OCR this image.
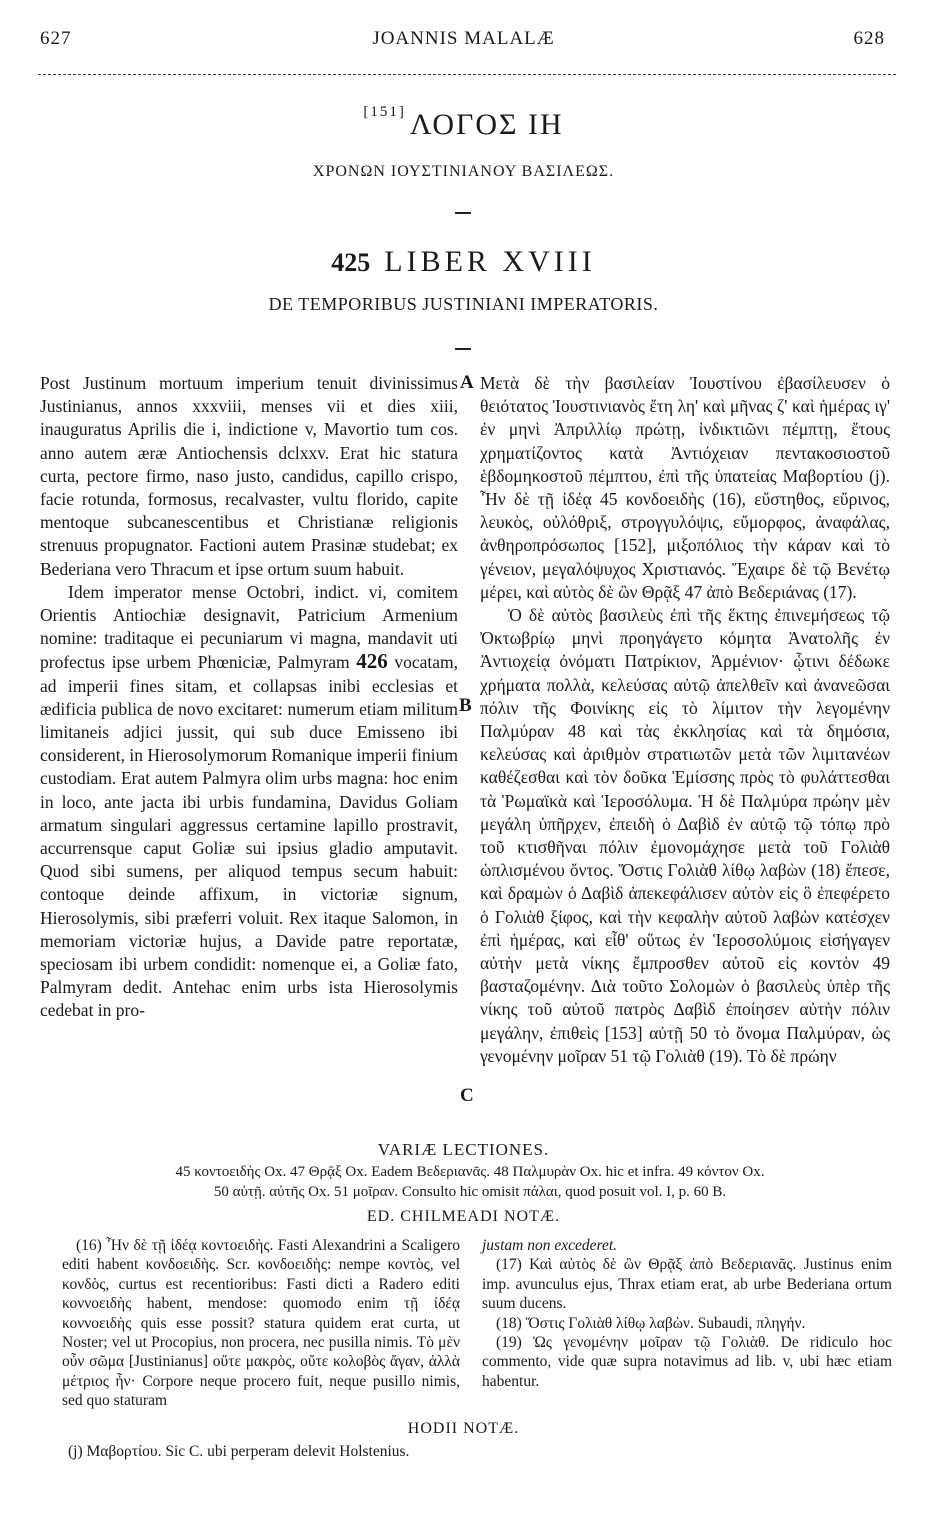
627	JOANNIS MALALÆ	628
[151] ΛΟΓΟΣ ΙΗ
ΧΡΟΝΩΝ ΙΟΥΣΤΙΝΙΑΝΟΥ ΒΑΣΙΛΕΩΣ.
425 LIBER XVIII
DE TEMPORIBUS JUSTINIANI IMPERATORIS.
A
B
C

Post Justinum mortuum imperium tenuit divinissimus Justinianus, annos xxxviii, menses vii et dies xiii, inauguratus Aprilis die i, indictione v, Mavortio tum cos. anno autem æræ Antiochensis dclxxv. Erat hic statura curta, pectore firmo, naso justo, candidus, capillo crispo, facie rotunda, formosus, recalvaster, vultu florido, capite mentoque subcanescentibus et Christianæ religionis strenuus propugnator. Factioni autem Prasinæ studebat; ex Bederiana vero Thracum et ipse ortum suum habuit.

Idem imperator mense Octobri, indict. vi, comitem Orientis Antiochiæ designavit, Patricium Armenium nomine: traditaque ei pecuniarum vi magna, mandavit uti profectus ipse urbem Phœniciæ, Palmyram 426 vocatam, ad imperii fines sitam, et collapsas inibi ecclesias et ædificia publica de novo excitaret: numerum etiam militum limitaneis adjici jussit, qui sub duce Emisseno ibi considerent, in Hierosolymorum Romanique imperii finium custodiam. Erat autem Palmyra olim urbs magna: hoc enim in loco, ante jacta ibi urbis fundamina, Davidus Goliam armatum singulari aggressus certamine lapillo prostravit, accurrensque caput Goliæ sui ipsius gladio amputavit. Quod sibi sumens, per aliquod tempus secum habuit: contoque deinde affixum, in victoriæ signum, Hierosolymis, sibi præferri voluit. Rex itaque Salomon, in memoriam victoriæ hujus, a Davide patre reportatæ, speciosam ibi urbem condidit: nomenque ei, a Goliæ fato, Palmyram dedit. Antehac enim urbs ista Hierosolymis cedebat in pro-

Μετὰ δὲ τὴν βασιλείαν Ἰουστίνου ἐβασίλευσεν ὁ θειότατος Ἰουστινιανὸς ἔτη λη' καὶ μῆνας ζ' καὶ ἡμέρας ιγ' ἐν μηνὶ Ἀπριλλίῳ πρώτῃ, ἰνδικτιῶνι πέμπτῃ, ἔτους χρηματίζοντος κατὰ Ἀντιόχειαν πεντακοσιοστοῦ ἑβδομηκοστοῦ πέμπτου, ἐπὶ τῆς ὑπατείας Μαβορτίου (j). Ἦν δὲ τῇ ἰδέᾳ 45 κονδοειδὴς (16), εὔστηθος, εὔρινος, λευκὸς, οὐλόθριξ, στρογγυλόψις, εὔμορφος, ἀναφάλας, ἀνθηροπρόσωπος [152], μιξοπόλιος τὴν κάραν καὶ τὸ γένειον, μεγαλόψυχος Χριστιανός. Ἔχαιρε δὲ τῷ Βενέτῳ μέρει, καὶ αὐτὸς δὲ ὢν Θρᾷξ 47 ἀπὸ Βεδεριάνας (17).

Ὁ δὲ αὐτὸς βασιλεὺς ἐπὶ τῆς ἕκτης ἐπινεμήσεως τῷ Ὀκτωβρίῳ μηνὶ προηγάγετο κόμητα Ἀνατολῆς ἐν Ἀντιοχείᾳ ὀνόματι Πατρίκιον, Ἀρμένιον· ᾧτινι δέδωκε χρήματα πολλὰ, κελεύσας αὐτῷ ἀπελθεῖν καὶ ἀνανεῶσαι πόλιν τῆς Φοινίκης εἰς τὸ λίμιτον τὴν λεγομένην Παλμύραν 48 καὶ τὰς ἐκκλησίας καὶ τὰ δημόσια, κελεύσας καὶ ἀριθμὸν στρατιωτῶν μετὰ τῶν λιμιτανέων καθέζεσθαι καὶ τὸν δοῦκα Ἐμίσσης πρὸς τὸ φυλάττεσθαι τὰ Ῥωμαϊκὰ καὶ Ἱεροσόλυμα. Ἡ δὲ Παλμύρα πρώην μὲν μεγάλη ὑπῆρχεν, ἐπειδὴ ὁ Δαβὶδ ἐν αὐτῷ τῷ τόπῳ πρὸ τοῦ κτισθῆναι πόλιν ἐμονομάχησε μετὰ τοῦ Γολιὰθ ὡπλισμένου ὄντος. Ὅστις Γολιὰθ λίθῳ λαβὼν (18) ἔπεσε, καὶ δραμὼν ὁ Δαβὶδ ἀπεκεφάλισεν αὐτὸν εἰς ὃ ἐπεφέρετο ὁ Γολιὰθ ξίφος, καὶ τὴν κεφαλὴν αὐτοῦ λαβὼν κατέσχεν ἐπὶ ἡμέρας, καὶ εἶθ' οὕτως ἐν Ἱεροσολύμοις εἰσήγαγεν αὐτὴν μετὰ νίκης ἔμπροσθεν αὐτοῦ εἰς κοντὸν 49 βασταζομένην. Διὰ τοῦτο Σολομὼν ὁ βασιλεὺς ὑπὲρ τῆς νίκης τοῦ αὐτοῦ πατρὸς Δαβὶδ ἐποίησεν αὐτὴν πόλιν μεγάλην, ἐπιθεὶς [153] αὐτῇ 50 τὸ ὄνομα Παλμύραν, ὡς γενομένην μοῖραν 51 τῷ Γολιὰθ (19). Τὸ δὲ πρώην

VARIÆ LECTIONES.
45 κοντοειδὴς Ox. 47 Θρᾷξ Ox. Eadem Βεδεριανᾶς. 48 Παλμυρὰν Ox. hic et infra. 49 κόντον Ox.
50 αὐτῇ. αὐτῆς Ox. 51 μοῖραν. Consulto hic omisit πάλαι, quod posuit vol. I, p. 60 B.
ED. CHILMEADI NOTÆ.

(16) Ἦν δὲ τῇ ἰδέᾳ κοντοειδὴς. Fasti Alexandrini a Scaligero editi habent κονδοειδὴς. Scr. κονδοειδὴς: nempe κοντὸς, vel κονδὸς, curtus est recentioribus: Fasti dicti a Radero editi κοννοειδὴς habent, mendose: quomodo enim τῇ ἰδέᾳ κοννοειδὴς quis esse possit? statura quidem erat curta, ut Noster; vel ut Procopius, non procera, nec pusilla nimis. Τὸ μὲν οὖν σῶμα [Justinianus] οὔτε μακρὸς, οὔτε κολοβὸς ἄγαν, ἀλλὰ μέτριος ἦν· Corpore neque procero fuit, neque pusillo nimis, sed quo staturam

justam non excederet.

(17) Καὶ αὐτὸς δὲ ὢν Θρᾷξ ἀπὸ Βεδεριανᾶς. Justinus enim imp. avunculus ejus, Thrax etiam erat, ab urbe Bederiana ortum suum ducens.

(18) Ὅστις Γολιὰθ λίθῳ λαβὼν. Subaudi, πληγήν.

(19) Ὡς γενομένην μοῖραν τῷ Γολιὰθ. De ridiculo hoc commento, vide quæ supra notavimus ad lib. v, ubi hæc etiam habentur.

HODII NOTÆ.
(j) Μαβορτίου. Sic C. ubi perperam delevit Holstenius.
